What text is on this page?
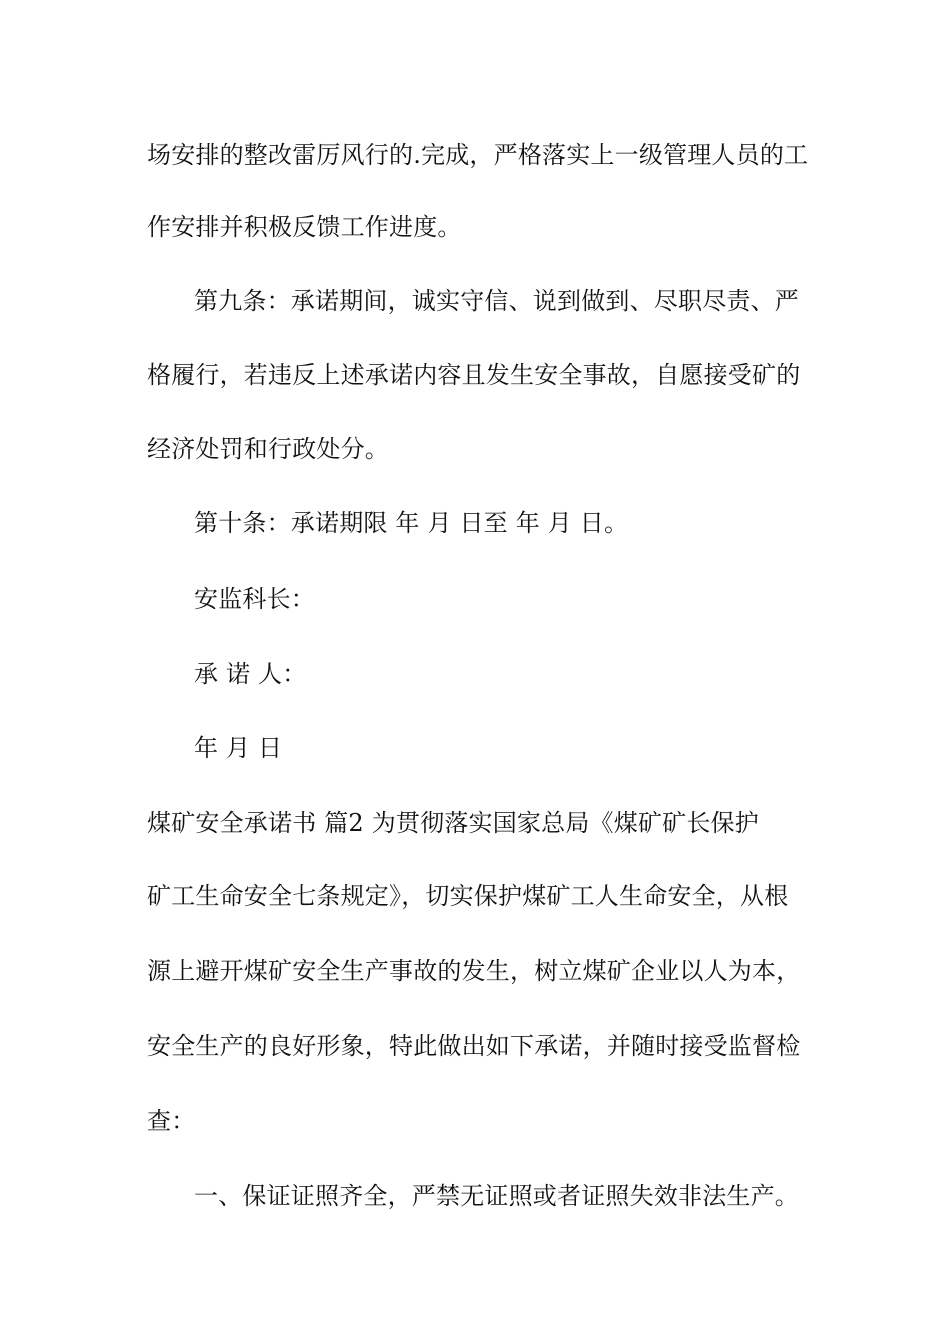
场安排的整改雷厉风行的.完成，严格落实上一级管理人员的工
作安排并积极反馈工作进度。
第九条：承诺期间，诚实守信、说到做到、尽职尽责、严
格履行，若违反上述承诺内容且发生安全事故，自愿接受矿的
经济处罚和行政处分。
第十条：承诺期限 年 月 日至 年 月 日。
安监科长：
承 诺 人：
年 月 日
煤矿安全承诺书 篇2 为贯彻落实国家总局《煤矿矿长保护
矿工生命安全七条规定》，切实保护煤矿工人生命安全，从根
源上避开煤矿安全生产事故的发生，树立煤矿企业以人为本，
安全生产的良好形象，特此做出如下承诺，并随时接受监督检
查：
一、保证证照齐全，严禁无证照或者证照失效非法生产。
